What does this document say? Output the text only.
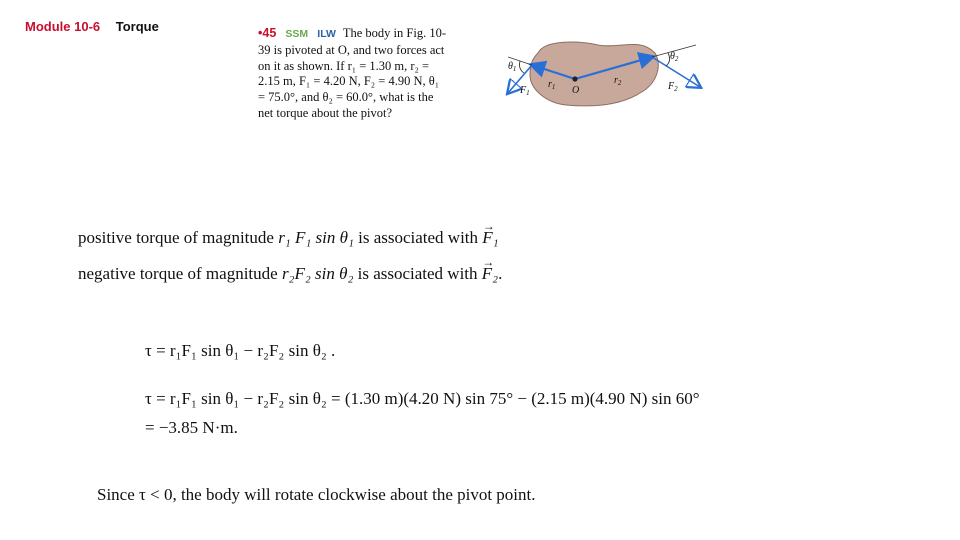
Module 10-6 Torque	•45 SSM ILW The body in Fig. 10-39 is pivoted at O, and two forces act on it as shown. If r₁ = 1.30 m, r₂ = 2.15 m, F₁ = 4.20 N, F₂ = 4.90 N, θ₁ = 75.0°, and θ₂ = 60.0°, what is the net torque about the pivot?
$\theta_1$
$\theta_2$
$r_1$
$r_2$
O
$F_1$
$F_2$
positive torque of magnitude r₁ F₁ sin θ₁ is associated with → F₁
negative torque of magnitude r₂F₂ sin θ₂ is associated with → F₂.
τ = r₁F₁ sin θ₁ − r₂F₂ sin θ₂ .
τ = r₁F₁ sin θ₁ − r₂F₂ sin θ₂ = (1.30 m)(4.20 N) sin 75° − (2.15 m)(4.90 N) sin 60°
= −3.85 N·m.
Since τ < 0, the body will rotate clockwise about the pivot point.
